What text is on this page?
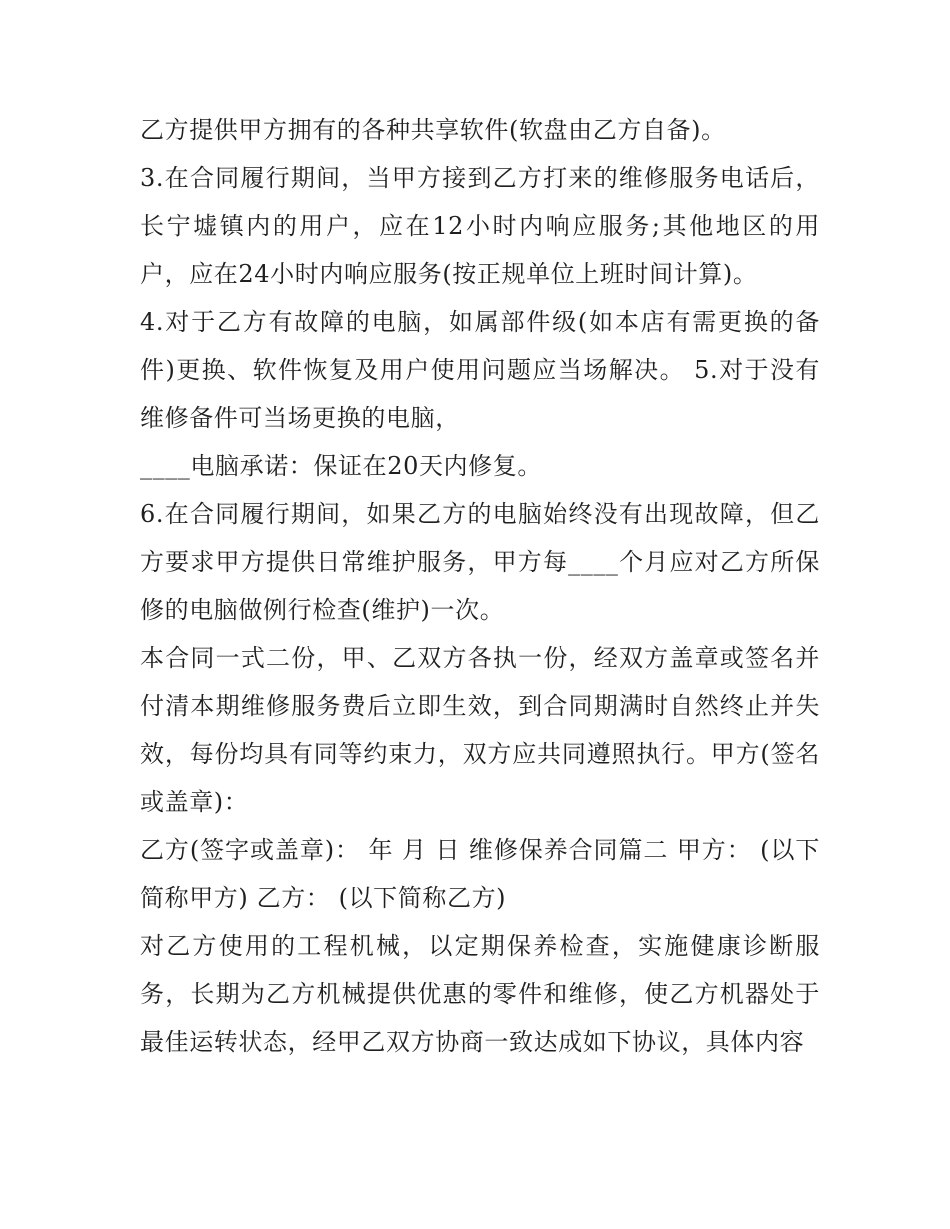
乙方提供甲方拥有的各种共享软件(软盘由乙方自备)。

3.在合同履行期间，当甲方接到乙方打来的维修服务电话后，长宁墟镇内的用户，应在12小时内响应服务;其他地区的用户，应在24小时内响应服务(按正规单位上班时间计算)。

4.对于乙方有故障的电脑，如属部件级(如本店有需更换的备件)更换、软件恢复及用户使用问题应当场解决。 5.对于没有维修备件可当场更换的电脑，

____电脑承诺：保证在20天内修复。

6.在合同履行期间，如果乙方的电脑始终没有出现故障，但乙方要求甲方提供日常维护服务，甲方每____个月应对乙方所保修的电脑做例行检查(维护)一次。

本合同一式二份，甲、乙双方各执一份，经双方盖章或签名并付清本期维修服务费后立即生效，到合同期满时自然终止并失效，每份均具有同等约束力，双方应共同遵照执行。甲方(签名或盖章)：

乙方(签字或盖章)： 年 月 日 维修保养合同篇二 甲方： (以下简称甲方) 乙方： (以下简称乙方)

对乙方使用的工程机械，以定期保养检查，实施健康诊断服务，长期为乙方机械提供优惠的零件和维修，使乙方机器处于最佳运转状态，经甲乙双方协商一致达成如下协议，具体内容
